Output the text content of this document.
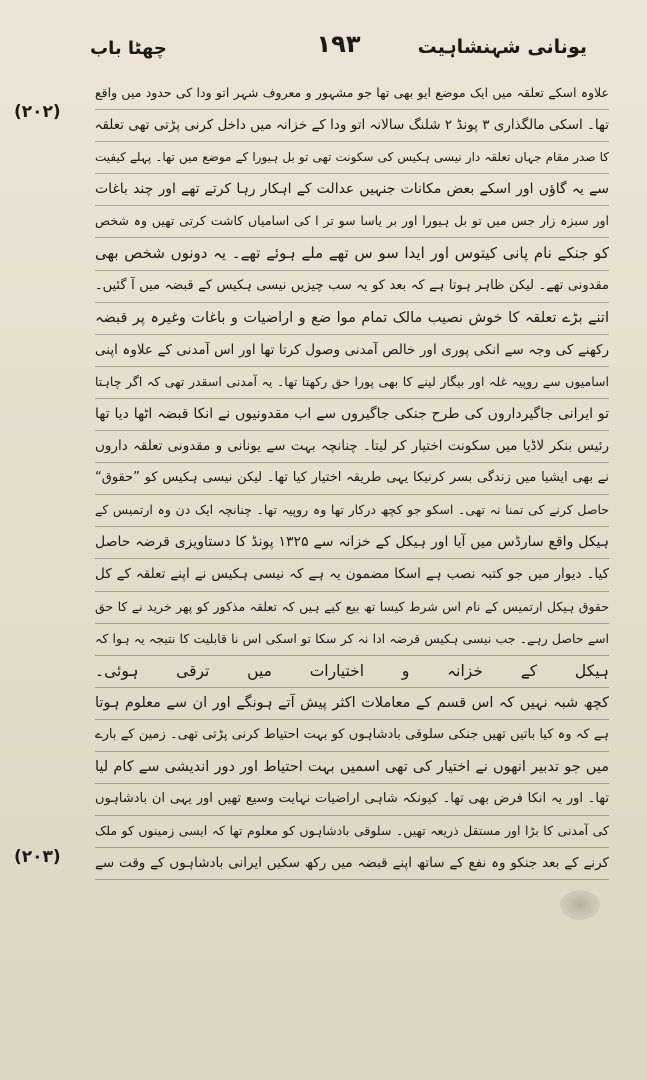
یونانی شہنشاہیت
۱۹۳
چھٹا باب
(۲۰۲)
(۲۰۳)
علاوہ اسکے تعلقہ میں ایک موضع ایو بھی تھا جو مشہور و معروف شہر اتو ودا کی حدود میں واقع
تھا۔ اسکی مالگذاری ۳ پونڈ ۲ شلنگ سالانہ اتو ودا کے خزانہ میں داخل کرنی پڑتی تھی تعلقہ
کا صدر مقام جہاں تعلقہ دار نیسی ہکیس کی سکونت تھی تو بل ہیورا کے موضع میں تھا۔ پہلے کیفیت
سے یہ گاؤں اور اسکے بعض مکانات جنہیں عدالت کے اہکار رہا کرتے تھے اور چند باغات
اور سبزہ زار جس میں تو بل ہیورا اور بر یاسا سو تر ا کی اسامیاں کاشت کرتی تھیں وہ شخص
کو جنکے نام پانی کیتوس اور ایدا سو س تھے ملے ہوئے تھے۔ یہ دونوں شخص بھی
مقدونی تھے۔ لیکن ظاہر ہوتا ہے کہ بعد کو یہ سب چیزیں نیسی ہکیس کے قبضہ میں آ گئیں۔
اتنے بڑے تعلقہ کا خوش نصیب مالک تمام موا ضع و اراضیات و باغات وغیرہ پر قبضہ
رکھنے کی وجہ سے انکی پوری اور خالص آمدنی وصول کرتا تھا اور اس آمدنی کے علاوہ اپنی
اسامیوں سے روپیہ غلہ اور بیگار لینے کا بھی پورا حق رکھتا تھا۔ یہ آمدنی اسقدر تھی کہ اگر چاہتا
تو ایرانی جاگیرداروں کی طرح جنکی جاگیروں سے اب مقدونیوں نے انکا قبضہ اٹھا دیا تھا
رئیس بنکر لاڈیا میں سکونت اختیار کر لیتا۔ چنانچہ بہت سے یونانی و مقدونی تعلقہ داروں
نے بھی ایشیا میں زندگی بسر کرنیکا یہی طریقہ اختیار کیا تھا۔ لیکن نیسی ہکیس کو ”حقوق“
حاصل کرنے کی تمنا نہ تھی۔ اسکو جو کچھ درکار تھا وہ روپیہ تھا۔ چنانچہ ایک دن وہ ارتمیس کے
ہیکل واقع سارڈس میں آیا اور ہیکل کے خزانہ سے ۱۳۲۵ پونڈ کا دستاویزی قرضہ حاصل
کیا۔ دیوار میں جو کتبہ نصب ہے اسکا مضمون یہ ہے کہ نیسی ہکیس نے اپنے تعلقہ کے کل
حقوق ہیکل ارتمیس کے نام اس شرط کیسا تھ بیع کیے ہیں کہ تعلقہ مذکور کو پھر خرید نے کا حق
اسے حاصل رہے۔ جب نیسی ہکیس قرضہ ادا نہ کر سکا تو اسکی اس نا قابلیت کا نتیجہ یہ ہوا کہ
ہیکل کے خزانہ و اختیارات میں ترقی ہوئی۔
کچھ شبہ نہیں کہ اس قسم کے معاملات اکثر پیش آتے ہونگے اور ان سے معلوم ہوتا
ہے کہ وہ کیا باتیں تھیں جنکی سلوقی بادشاہوں کو بہت احتیاط کرنی پڑتی تھی۔ زمین کے بارے
میں جو تدبیر انھوں نے اختیار کی تھی اسمیں بہت احتیاط اور دور اندیشی سے کام لیا
تھا۔ اور یہ انکا فرض بھی تھا۔ کیونکہ شاہی اراضیات نہایت وسیع تھیں اور یہی ان بادشاہوں
کی آمدنی کا بڑا اور مستقل ذریعہ تھیں۔ سلوقی بادشاہوں کو معلوم تھا کہ ایسی زمینوں کو ملک
کرنے کے بعد جنکو وہ نفع کے ساتھ اپنے قبضہ میں رکھ سکیں ایرانی بادشاہوں کے وقت سے
